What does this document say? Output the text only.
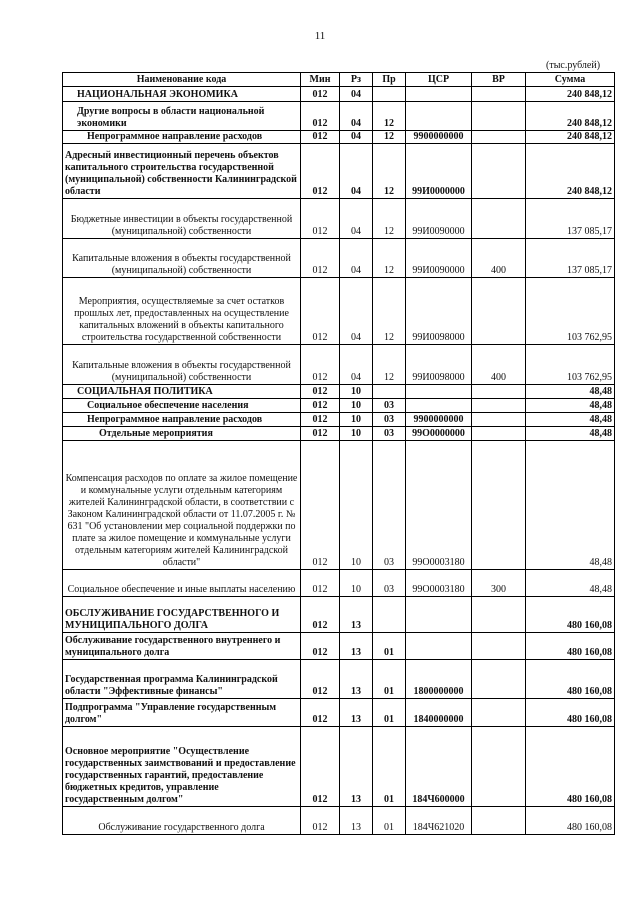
11
(тыс.рублей)
Наименование кода	Мин	Рз	Пр	ЦСР	ВР	Сумма
НАЦИОНАЛЬНАЯ ЭКОНОМИКА	012	04				240 848,12
Другие вопросы в области национальной экономики	012	04	12			240 848,12
Непрограммное направление расходов	012	04	12	9900000000		240 848,12
Адресный инвестиционный перечень объектов капитального строительства государственной (муниципальной) собственности Калининградской области	012	04	12	99И0000000		240 848,12
Бюджетные инвестиции в объекты государственной (муниципальной) собственности	012	04	12	99И0090000		137 085,17
Капитальные вложения в объекты государственной (муниципальной) собственности	012	04	12	99И0090000	400	137 085,17
Мероприятия, осуществляемые за счет остатков прошлых лет, предоставленных на осуществление капитальных вложений в объекты капитального строительства государственной собственности	012	04	12	99И0098000		103 762,95
Капитальные вложения в объекты государственной (муниципальной) собственности	012	04	12	99И0098000	400	103 762,95
СОЦИАЛЬНАЯ ПОЛИТИКА	012	10				48,48
Социальное обеспечение населения	012	10	03			48,48
Непрограммное направление расходов	012	10	03	9900000000		48,48
Отдельные мероприятия	012	10	03	99О0000000		48,48
Компенсация расходов по оплате за жилое помещение и коммунальные услуги отдельным категориям жителей Калининградской области, в соответствии с Законом Калининградской области от 11.07.2005 г. № 631 "Об установлении мер социальной поддержки по плате за жилое помещение и коммунальные услуги отдельным категориям жителей Калининградской области"	012	10	03	99О0003180		48,48
Социальное обеспечение и иные выплаты населению	012	10	03	99О0003180	300	48,48
ОБСЛУЖИВАНИЕ ГОСУДАРСТВЕННОГО И МУНИЦИПАЛЬНОГО ДОЛГА	012	13				480 160,08
Обслуживание государственного внутреннего и муниципального долга	012	13	01			480 160,08
Государственная программа Калининградской области "Эффективные финансы"	012	13	01	1800000000		480 160,08
Подпрограмма "Управление государственным долгом"	012	13	01	1840000000		480 160,08
Основное мероприятие "Осуществление государственных заимствований и предоставление государственных гарантий, предоставление бюджетных кредитов, управление государственным долгом"	012	13	01	184Ч600000		480 160,08
Обслуживание государственного долга	012	13	01	184Ч621020		480 160,08
